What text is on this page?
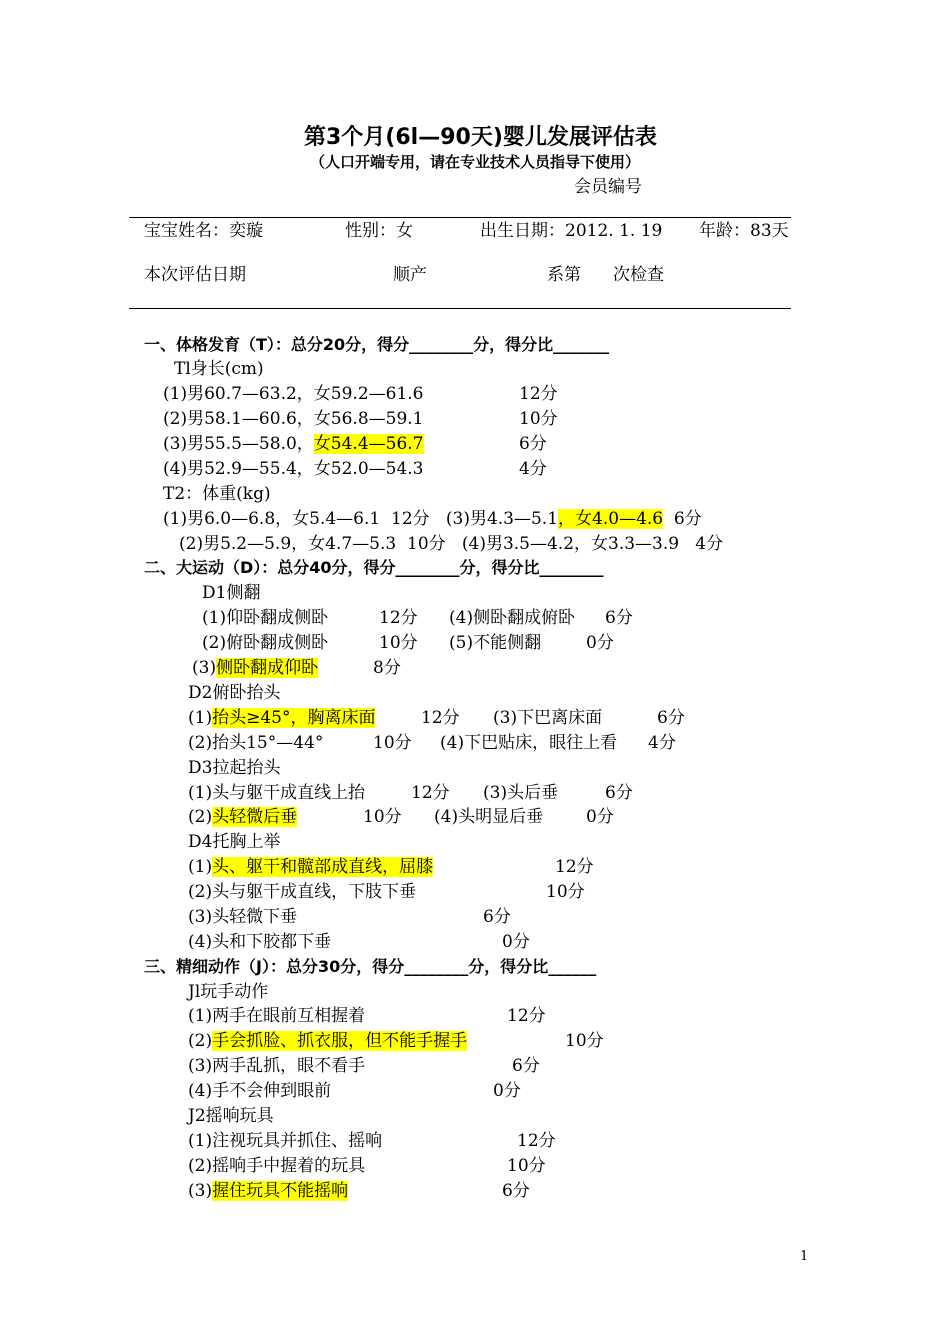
第3个月(6l—90天)婴儿发展评估表
（人口开端专用，请在专业技术人员指导下使用）
会员编号
宝宝姓名：奕璇	性别：女	出生日期：2012. 1. 19 年龄：83天
本次评估日期	顺产	系第 次检查
一、体格发育（T）：总分20分，得分________分，得分比_______
Tl身长(cm)
(1)男60.7—63.2，女59.2—61.6	12分
(2)男58.1—60.6，女56.8—59.1	10分
(3)男55.5—58.0，女54.4—56.7	6分
(4)男52.9—55.4，女52.0—54.3	4分
T2：体重(kg)
(1)男6.0—6.8，女5.4—6.1  12分   (3)男4.3—5.1，女4.0—4.6  6分
(2)男5.2—5.9，女4.7—5.3  10分   (4)男3.5—4.2，女3.3—3.9   4分
二、大运动（D）：总分40分，得分________分，得分比________
D1侧翻
(1)仰卧翻成侧卧	12分 (4)侧卧翻成俯卧 6分
(2)俯卧翻成侧卧	10分 (5)不能侧翻	0分
(3)侧卧翻成仰卧	8分
D2俯卧抬头
(1)抬头≥45°，胸离床面	12分 (3)下巴离床面	6分
(2)抬头15°—44°	10分 (4)下巴贴床，眼往上看 4分
D3拉起抬头
(1)头与躯干成直线上抬	12分 (3)头后垂	6分
(2)头轻微后垂	10分 (4)头明显后垂	0分
D4托胸上举
(1)头、躯干和髋部成直线，屈膝	12分
(2)头与躯干成直线，下肢下垂	10分
(3)头轻微下垂	6分
(4)头和下胶都下垂	0分
三、精细动作（J）：总分30分，得分________分，得分比______
Jl玩手动作
(1)两手在眼前互相握着	12分
(2)手会抓脸、抓衣服，但不能手握手	10分
(3)两手乱抓，眼不看手	6分
(4)手不会伸到眼前	0分
J2摇响玩具
(1)注视玩具并抓住、摇响	12分
(2)摇响手中握着的玩具	10分
(3)握住玩具不能摇响	6分
1
